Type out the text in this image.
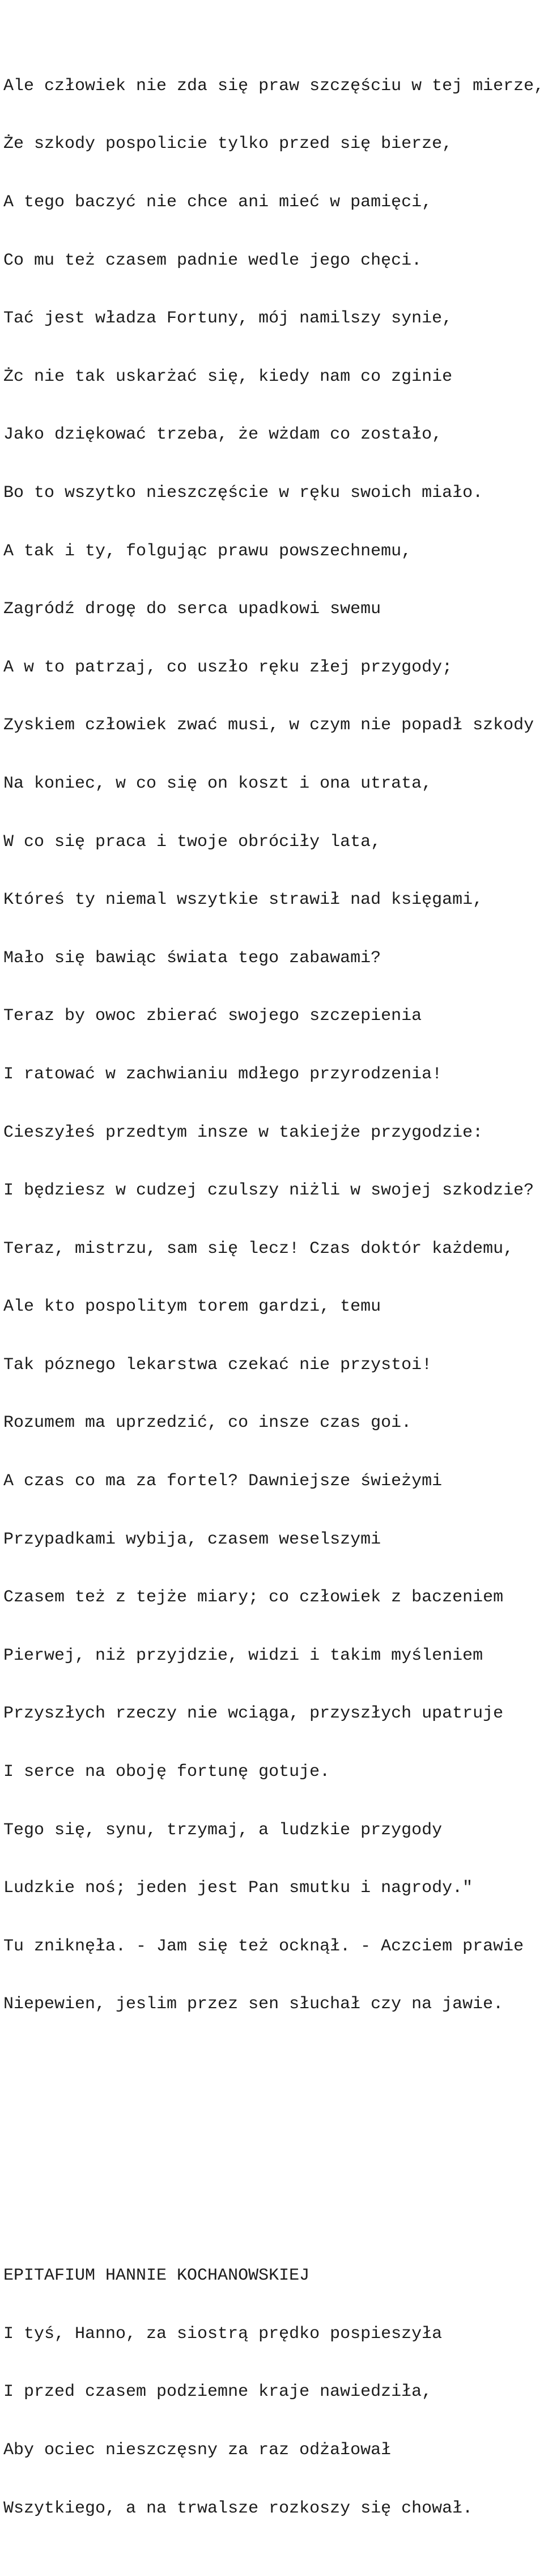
Ale człowiek nie zda się praw szczęściu w tej mierze,

Że szkody pospolicie tylko przed się bierze,

A tego baczyć nie chce ani mieć w pamięci,

Co mu też czasem padnie wedle jego chęci.

Tać jest władza Fortuny, mój namilszy synie,

Żc nie tak uskarżać się, kiedy nam co zginie

Jako dziękować trzeba, że wżdam co zostało,

Bo to wszytko nieszczęście w ręku swoich miało.

A tak i ty, folgując prawu powszechnemu,

Zagródź drogę do serca upadkowi swemu

A w to patrzaj, co uszło ręku złej przygody;

Zyskiem człowiek zwać musi, w czym nie popadł szkody

Na koniec, w co się on koszt i ona utrata,

W co się praca i twoje obróciły lata,

Któreś ty niemal wszytkie strawił nad księgami,

Mało się bawiąc świata tego zabawami?

Teraz by owoc zbierać swojego szczepienia

I ratować w zachwianiu mdłego przyrodzenia!

Cieszyłeś przedtym insze w takiejże przygodzie:

I będziesz w cudzej czulszy niżli w swojej szkodzie?

Teraz, mistrzu, sam się lecz! Czas doktór każdemu,

Ale kto pospolitym torem gardzi, temu

Tak póznego lekarstwa czekać nie przystoi!

Rozumem ma uprzedzić, co insze czas goi.

A czas co ma za fortel? Dawniejsze świeżymi

Przypadkami wybija, czasem weselszymi

Czasem też z tejże miary; co człowiek z baczeniem

Pierwej, niż przyjdzie, widzi i takim myśleniem

Przyszłych rzeczy nie wciąga, przyszłych upatruje

I serce na oboję fortunę gotuje.

Tego się, synu, trzymaj, a ludzkie przygody

Ludzkie noś; jeden jest Pan smutku i nagrody."

Tu zniknęła. - Jam się też ocknął. - Aczciem prawie

Niepewien, jeslim przez sen słuchał czy na jawie.

EPITAFIUM HANNIE KOCHANOWSKIEJ

I tyś, Hanno, za siostrą prędko pospieszyła

I przed czasem podziemne kraje nawiedziła,

Aby ociec nieszczęsny za raz odżałował

Wszytkiego, a na trwalsze rozkoszy się chował.
